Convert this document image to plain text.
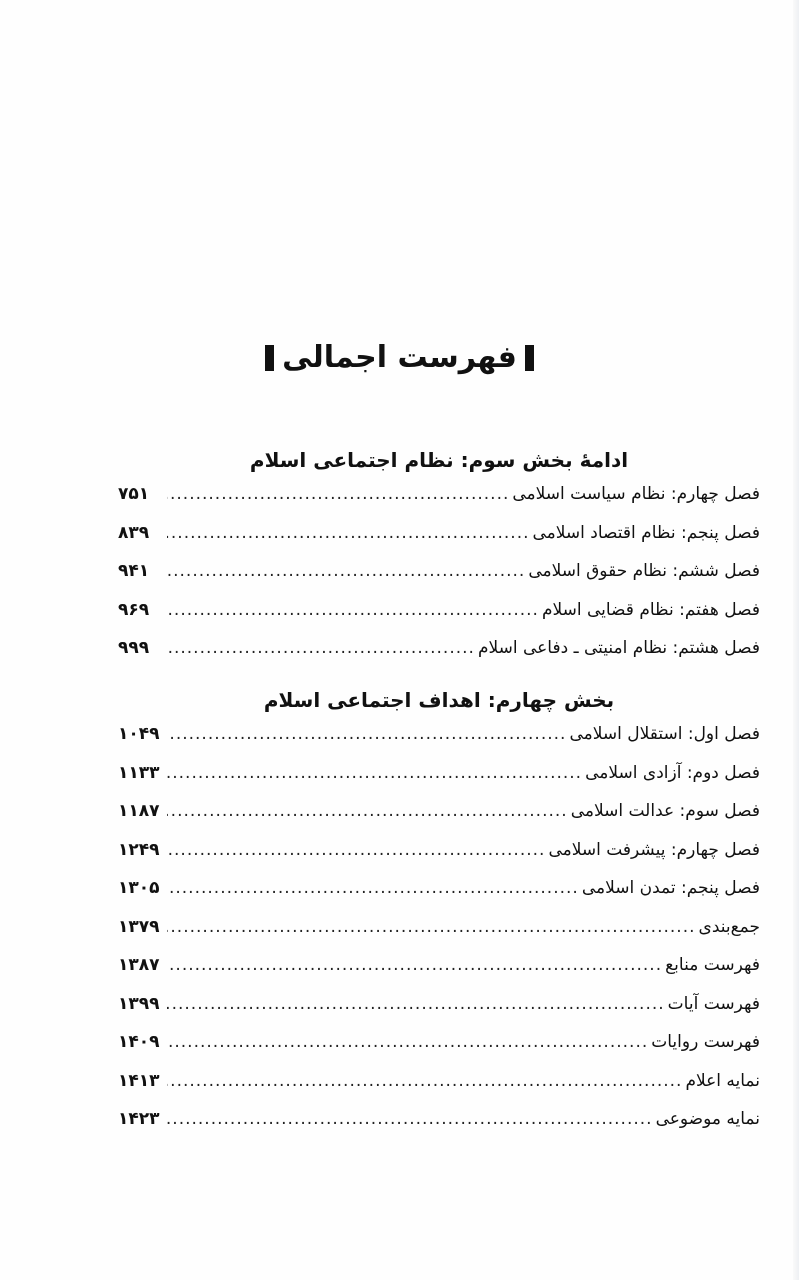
فهرست اجمالی
ادامهٔ بخش سوم: نظام اجتماعی اسلام
فصل چهارم: نظام سیاست اسلامی
.....
۷۵۱
فصل پنجم: نظام اقتصاد اسلامی
.....
۸۳۹
فصل ششم: نظام حقوق اسلامی
.....
۹۴۱
فصل هفتم: نظام قضایی اسلام
.....
۹۶۹
فصل هشتم: نظام امنیتی ـ دفاعی اسلام
.....
۹۹۹
بخش چهارم: اهداف اجتماعی اسلام
فصل اول: استقلال اسلامی
.....
۱۰۴۹
فصل دوم: آزادی اسلامی
.....
۱۱۳۳
فصل سوم: عدالت اسلامی
.....
۱۱۸۷
فصل چهارم: پیشرفت اسلامی
.....
۱۲۴۹
فصل پنجم: تمدن اسلامی
.....
۱۳۰۵
جمع‌بندی
.....
۱۳۷۹
فهرست منابع
.....
۱۳۸۷
فهرست آیات
.....
۱۳۹۹
فهرست روایات
.....
۱۴۰۹
نمایه اعلام
.....
۱۴۱۳
نمایه موضوعی
.....
۱۴۲۳
